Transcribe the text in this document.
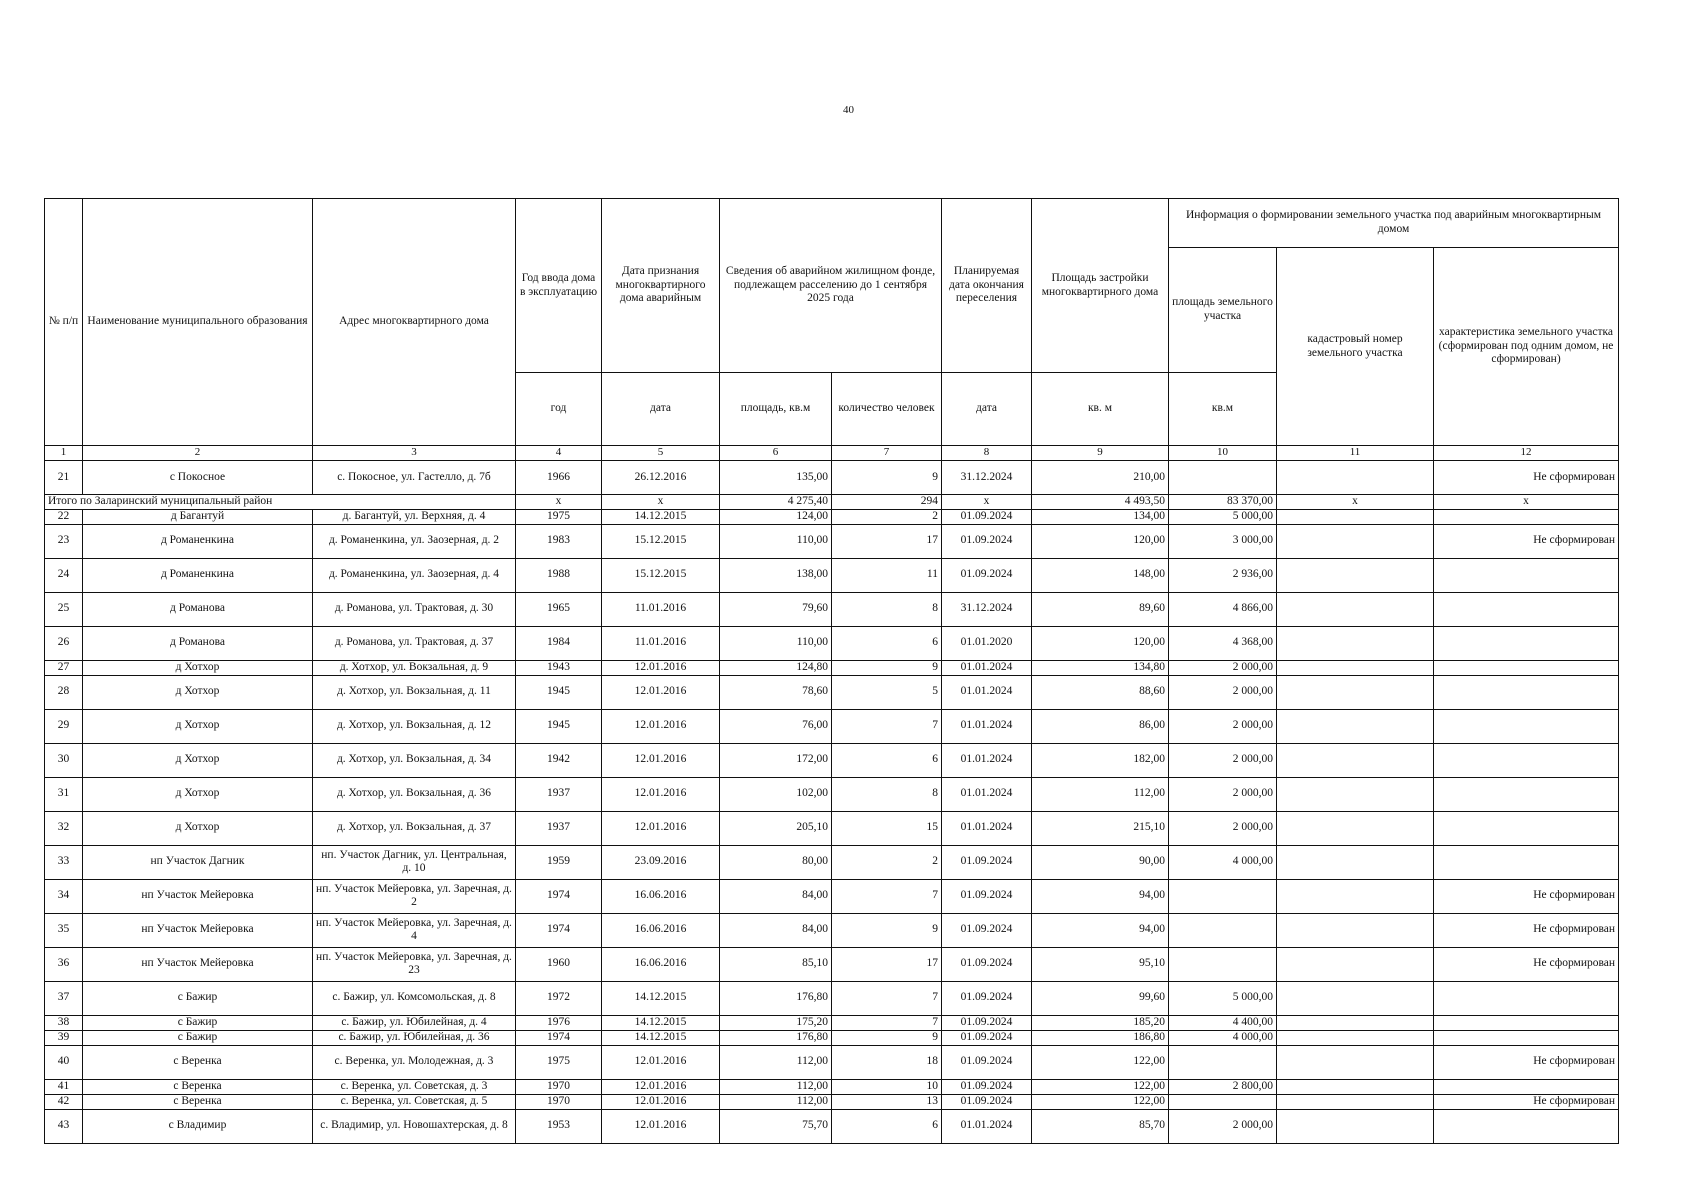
40
№ п/п	Наименование муниципального образования	Адрес многоквартирного дома	Год ввода дома в эксплуатацию	Дата признания многоквартирного дома аварийным	Сведения об аварийном жилищном фонде, подлежащем расселению до 1 сентября 2025 года		Планируемая дата окончания переселения	Площадь застройки многоквартирного дома	Информация о формировании земельного участка под аварийным многоквартирным домом		
									площадь земельного участка	кадастровый номер земельного участка	характеристика земельного участка (сформирован под одним домом, не сформирован)
			год	дата	площадь, кв.м	количество человек	дата	кв. м	кв.м		
1	2	3	4	5	6	7	8	9	10	11	12
21	с Покосное	с. Покосное, ул. Гастелло, д. 7б	1966	26.12.2016	135,00	9	31.12.2024	210,00			Не сформирован
Итого по Заларинский муниципальный район			х	х	4 275,40	294	х	4 493,50	83 370,00	х	х
22	д Багантуй	д. Багантуй, ул. Верхняя, д. 4	1975	14.12.2015	124,00	2	01.09.2024	134,00	5 000,00		
23	д Романенкина	д. Романенкина, ул. Заозерная, д. 2	1983	15.12.2015	110,00	17	01.09.2024	120,00	3 000,00		Не сформирован
24	д Романенкина	д. Романенкина, ул. Заозерная, д. 4	1988	15.12.2015	138,00	11	01.09.2024	148,00	2 936,00		
25	д Романова	д. Романова, ул. Трактовая, д. 30	1965	11.01.2016	79,60	8	31.12.2024	89,60	4 866,00		
26	д Романова	д. Романова, ул. Трактовая, д. 37	1984	11.01.2016	110,00	6	01.01.2020	120,00	4 368,00		
27	д Хотхор	д. Хотхор, ул. Вокзальная, д. 9	1943	12.01.2016	124,80	9	01.01.2024	134,80	2 000,00		
28	д Хотхор	д. Хотхор, ул. Вокзальная, д. 11	1945	12.01.2016	78,60	5	01.01.2024	88,60	2 000,00		
29	д Хотхор	д. Хотхор, ул. Вокзальная, д. 12	1945	12.01.2016	76,00	7	01.01.2024	86,00	2 000,00		
30	д Хотхор	д. Хотхор, ул. Вокзальная, д. 34	1942	12.01.2016	172,00	6	01.01.2024	182,00	2 000,00		
31	д Хотхор	д. Хотхор, ул. Вокзальная, д. 36	1937	12.01.2016	102,00	8	01.01.2024	112,00	2 000,00		
32	д Хотхор	д. Хотхор, ул. Вокзальная, д. 37	1937	12.01.2016	205,10	15	01.01.2024	215,10	2 000,00		
33	нп Участок Дагник	нп. Участок Дагник, ул. Центральная, д. 10	1959	23.09.2016	80,00	2	01.09.2024	90,00	4 000,00		
34	нп Участок Мейеровка	нп. Участок Мейеровка, ул. Заречная, д. 2	1974	16.06.2016	84,00	7	01.09.2024	94,00			Не сформирован
35	нп Участок Мейеровка	нп. Участок Мейеровка, ул. Заречная, д. 4	1974	16.06.2016	84,00	9	01.09.2024	94,00			Не сформирован
36	нп Участок Мейеровка	нп. Участок Мейеровка, ул. Заречная, д. 23	1960	16.06.2016	85,10	17	01.09.2024	95,10			Не сформирован
37	с Бажир	с. Бажир, ул. Комсомольская, д. 8	1972	14.12.2015	176,80	7	01.09.2024	99,60	5 000,00		
38	с Бажир	с. Бажир, ул. Юбилейная, д. 4	1976	14.12.2015	175,20	7	01.09.2024	185,20	4 400,00		
39	с Бажир	с. Бажир, ул. Юбилейная, д. 36	1974	14.12.2015	176,80	9	01.09.2024	186,80	4 000,00		
40	с Веренка	с. Веренка, ул. Молодежная, д. 3	1975	12.01.2016	112,00	18	01.09.2024	122,00			Не сформирован
41	с Веренка	с. Веренка, ул. Советская, д. 3	1970	12.01.2016	112,00	10	01.09.2024	122,00	2 800,00		
42	с Веренка	с. Веренка, ул. Советская, д. 5	1970	12.01.2016	112,00	13	01.09.2024	122,00			Не сформирован
43	с Владимир	с. Владимир, ул. Новошахтерская, д. 8	1953	12.01.2016	75,70	6	01.01.2024	85,70	2 000,00		
